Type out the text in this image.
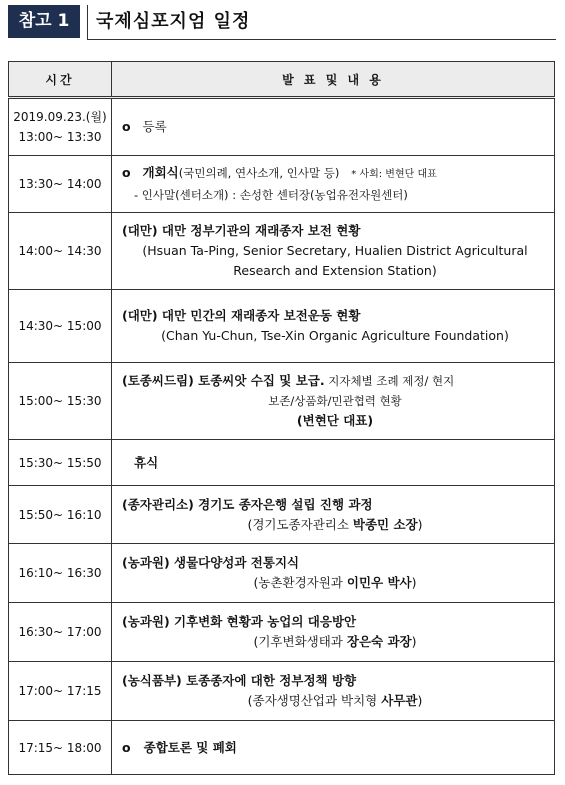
참고 1	국제심포지엄 일정
시간	발 표 및 내 용

2019.09.23.(월)
13:00~ 13:30	o 등록
13:30~ 14:00	o 개회식(국민의례, 연사소개, 인사말 등) * 사회: 변현단 대표
- 인사말(센터소개) : 손성한 센터장(농업유전자원센터)

14:00~ 14:30	(대만) 대만 정부기관의 재래종자 보전 현황
(Hsuan Ta-Ping, Senior Secretary, Hualien District Agricultural
Research and Extension Station)

14:30~ 15:00	(대만) 대만 민간의 재래종자 보전운동 현황
(Chan Yu-Chun, Tse-Xin Organic Agriculture Foundation)

15:00~ 15:30	(토종씨드림) 토종씨앗 수집 및 보급. 지자체별 조례 제정/ 현지
보존/상품화/민관협력 현황
(변현단 대표)

15:30~ 15:50	휴식
15:50~ 16:10	(종자관리소) 경기도 종자은행 설립 진행 과정
(경기도종자관리소 박종민 소장)

16:10~ 16:30	(농과원) 생물다양성과 전통지식
(농촌환경자원과 이민우 박사)

16:30~ 17:00	(농과원) 기후변화 현황과 농업의 대응방안
(기후변화생태과 장은숙 과장)

17:00~ 17:15	(농식품부) 토종종자에 대한 정부정책 방향
(종자생명산업과 박치형 사무관)

17:15~ 18:00	o 종합토론 및 폐회
